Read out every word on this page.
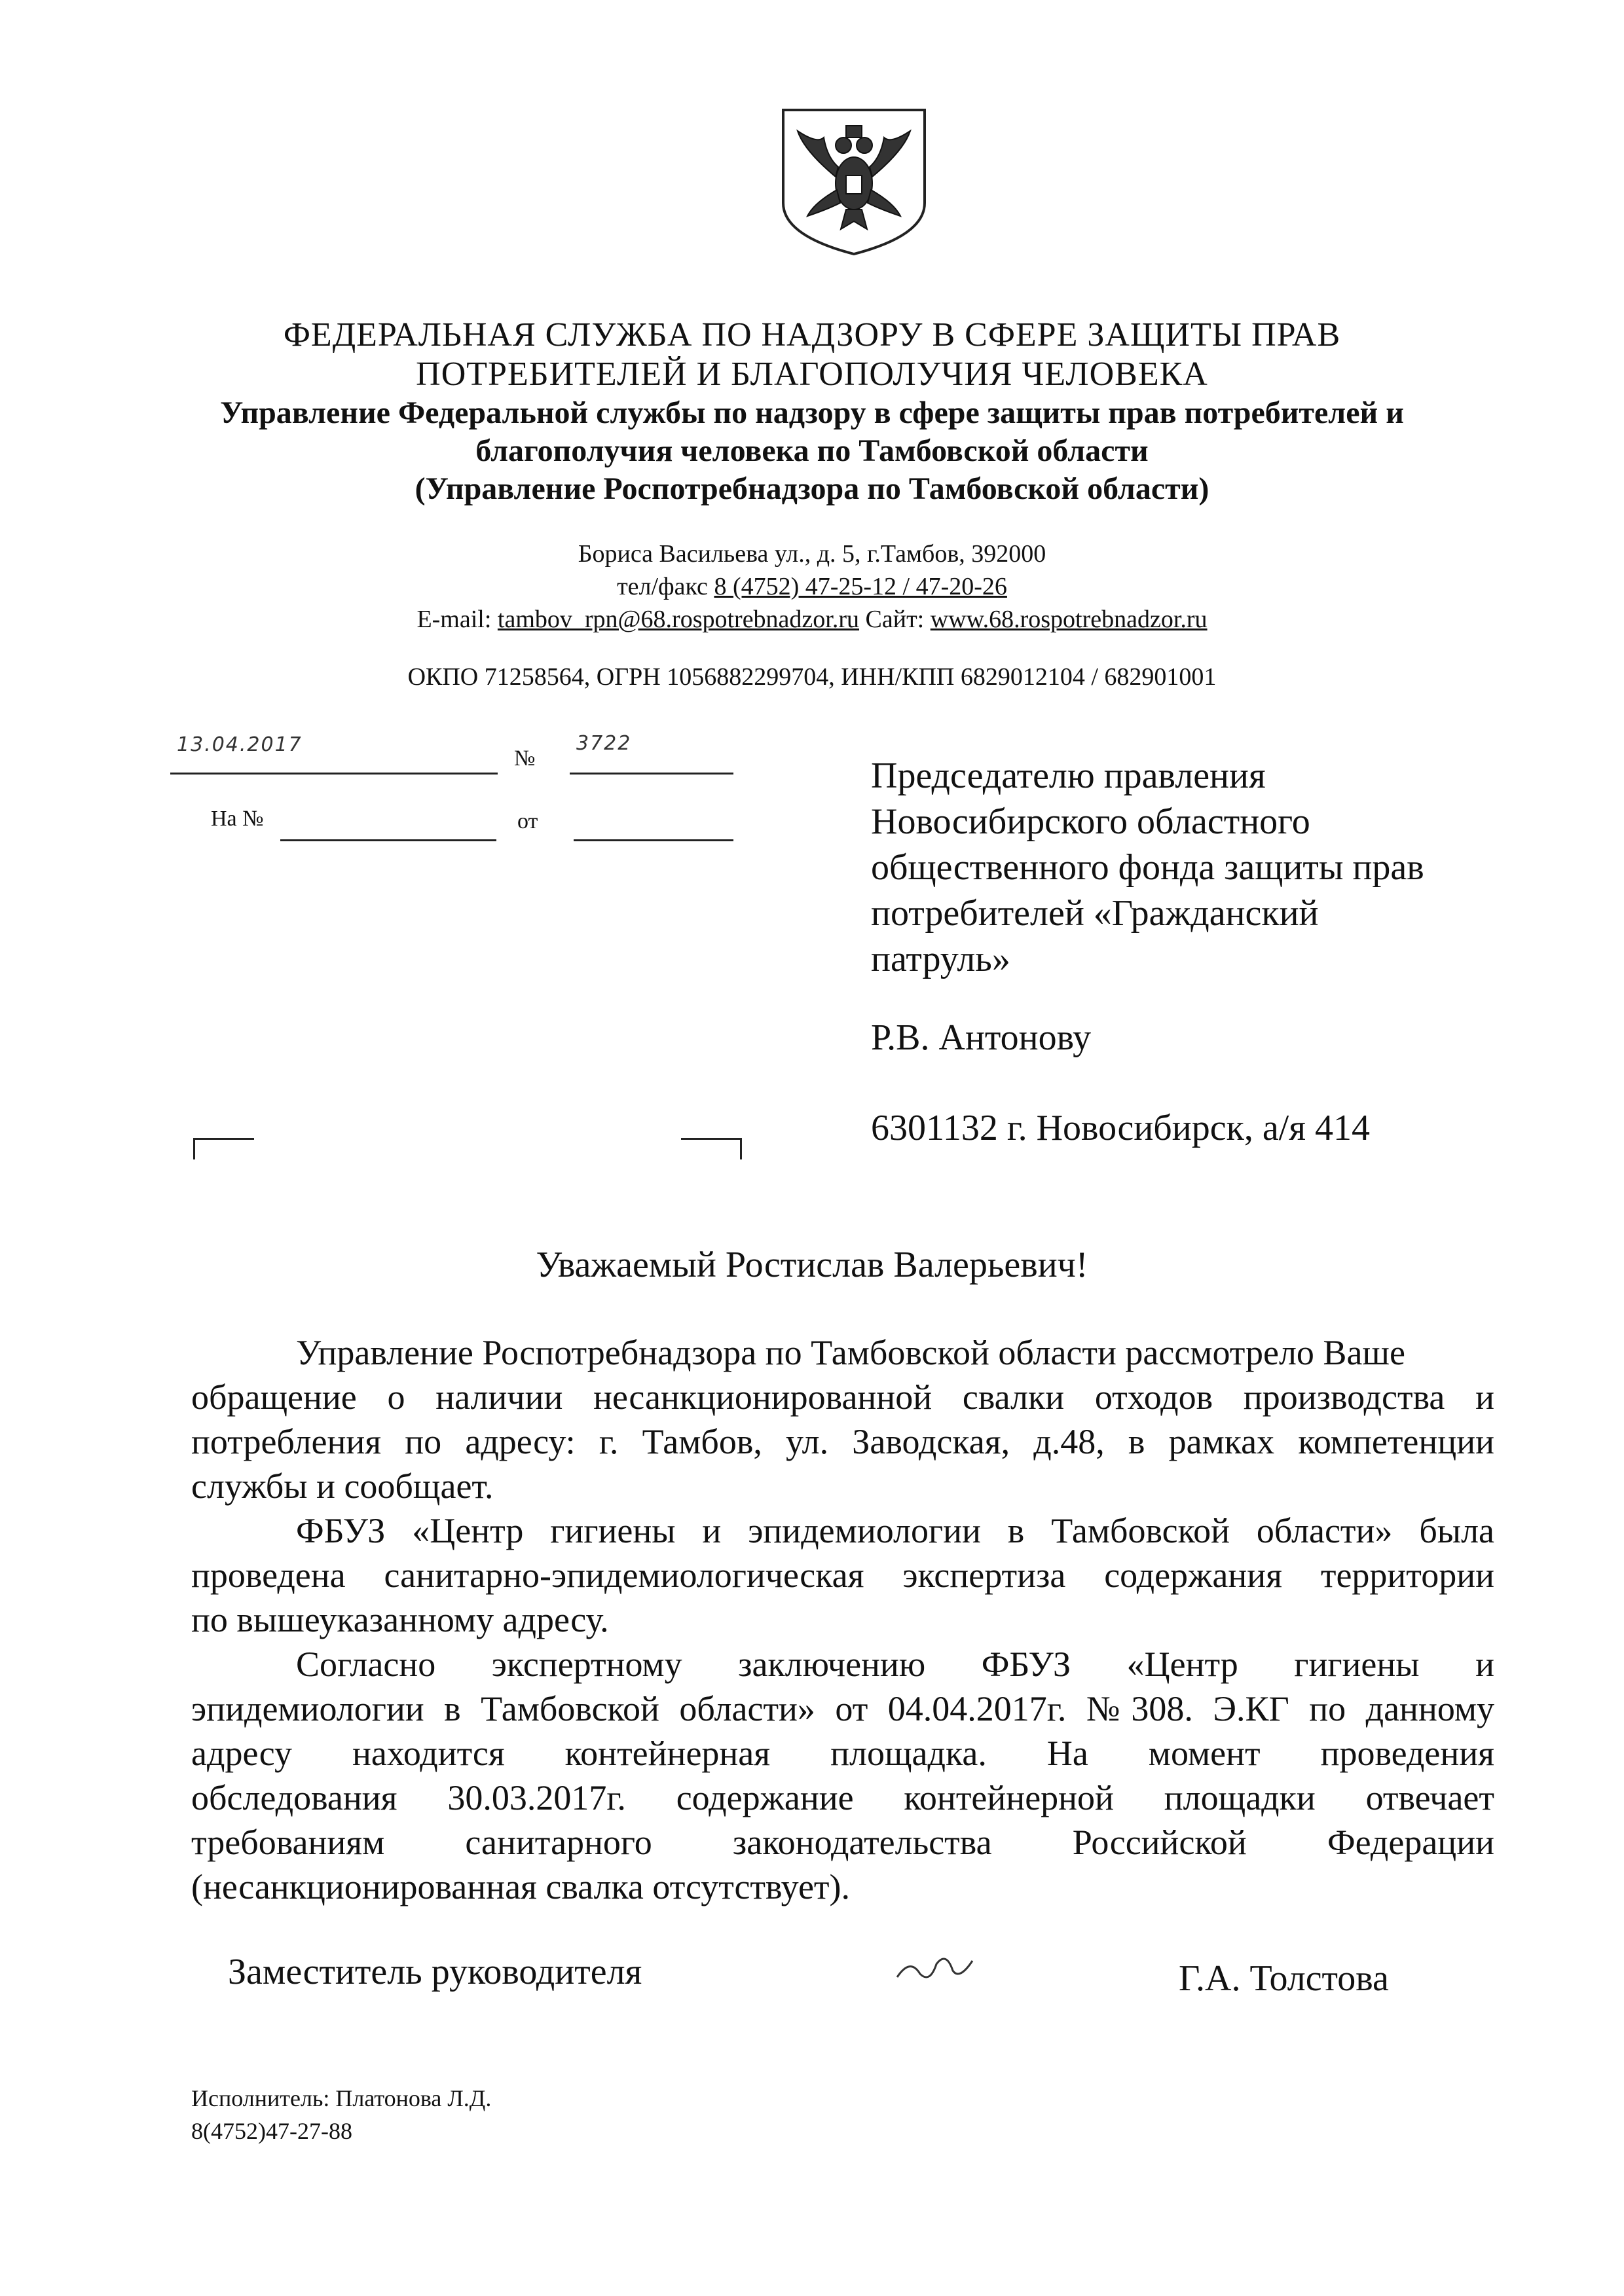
ФЕДЕРАЛЬНАЯ СЛУЖБА ПО НАДЗОРУ В СФЕРЕ ЗАЩИТЫ ПРАВ
ПОТРЕБИТЕЛЕЙ И БЛАГОПОЛУЧИЯ ЧЕЛОВЕКА
Управление Федеральной службы по надзору в сфере защиты прав потребителей и
благополучия человека по Тамбовской области
(Управление Роспотребнадзора по Тамбовской области)
Бориса Васильева ул., д. 5, г.Тамбов, 392000
тел/факс 8 (4752) 47-25-12 / 47-20-26
E-mail: tambov_rpn@68.rospotrebnadzor.ru Сайт: www.68.rospotrebnadzor.ru
ОКПО 71258564, ОГРН 1056882299704, ИНН/КПП 6829012104 / 682901001
13.04.2017
№
3722
На №	от
Председателю правления
Новосибирского областного
общественного фонда защиты прав
потребителей «Гражданский
патруль»
Р.В. Антонову
6301132 г. Новосибирск, а/я 414
Уважаемый Ростислав Валерьевич!
Управление Роспотребнадзора по Тамбовской области рассмотрело Ваше
обращение о наличии несанкционированной свалки отходов производства и
потребления по адресу: г. Тамбов, ул. Заводская, д.48, в рамках компетенции
службы и сообщает.
ФБУЗ «Центр гигиены и эпидемиологии в Тамбовской области» была
проведена санитарно-эпидемиологическая экспертиза содержания территории
по вышеуказанному адресу.
Согласно экспертному заключению ФБУЗ «Центр гигиены и
эпидемиологии в Тамбовской области» от 04.04.2017г. №308. Э.КГ по данному
адресу находится контейнерная площадка. На момент проведения
обследования 30.03.2017г. содержание контейнерной площадки отвечает
требованиям санитарного законодательства Российской Федерации
(несанкционированная свалка отсутствует).
Заместитель руководителя	Г.А. Толстова
Исполнитель: Платонова Л.Д.
8(4752)47-27-88
